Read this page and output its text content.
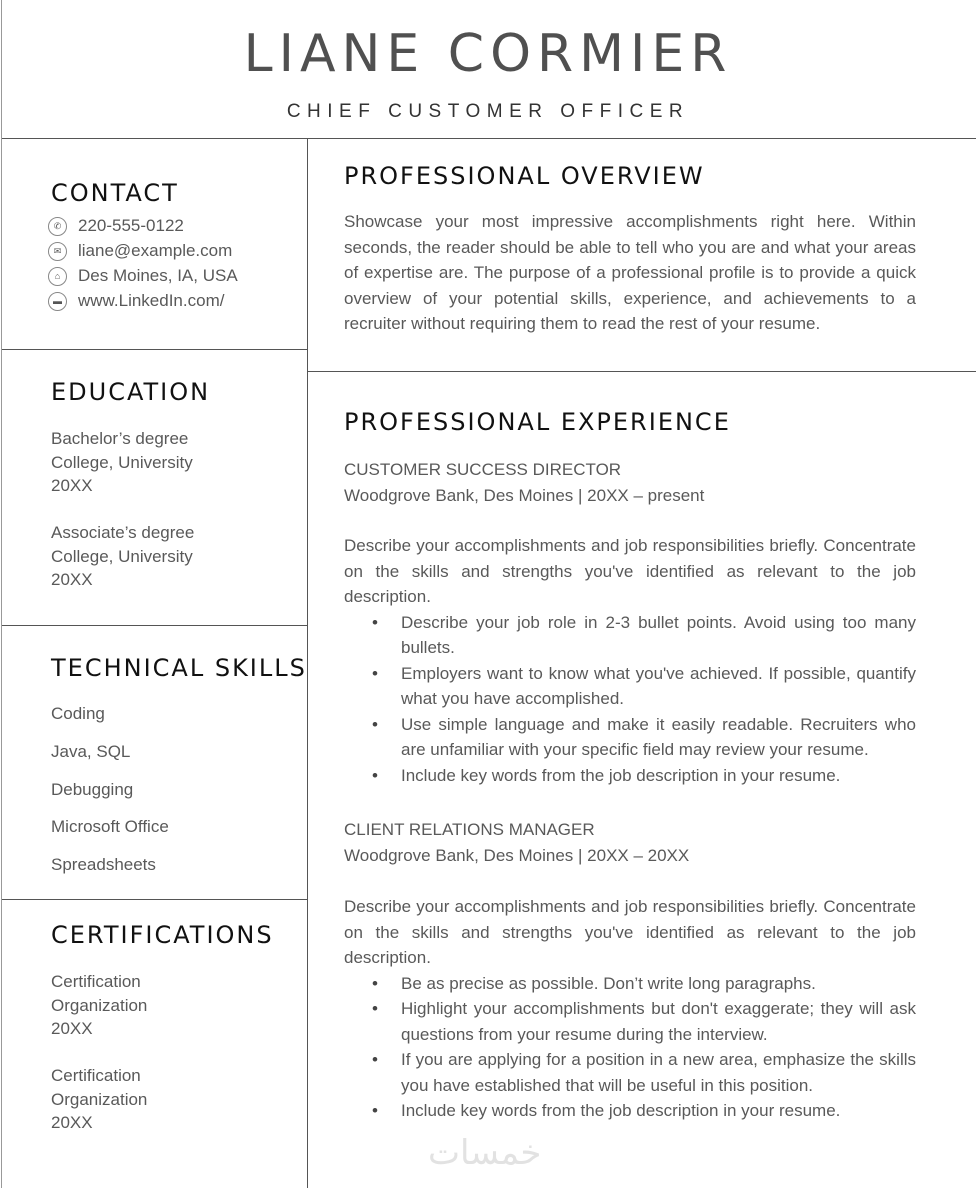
LIANE CORMIER
CHIEF CUSTOMER OFFICER
CONTACT
✆ 220-555-0122
✉ liane@example.com
⌂	Des Moines, IA, USA
▬ www.LinkedIn.com/
EDUCATION
Bachelor’s degree
College, University
20XX
Associate’s degree
College, University
20XX
TECHNICAL SKILLS
Coding
Java, SQL
Debugging
Microsoft Office
Spreadsheets
CERTIFICATIONS
Certification
Organization
20XX
Certification
Organization
20XX
PROFESSIONAL OVERVIEW
Showcase your most impressive accomplishments right here. Within seconds, the reader should be able to tell who you are and what your areas of expertise are. The purpose of a professional profile is to provide a quick overview of your potential skills, experience, and achievements to a recruiter without requiring them to read the rest of your resume.
PROFESSIONAL EXPERIENCE
CUSTOMER SUCCESS DIRECTOR
Woodgrove Bank, Des Moines | 20XX – present
Describe your accomplishments and job responsibilities briefly. Concentrate on the skills and strengths you've identified as relevant to the job description.
• Describe your job role in 2-3 bullet points. Avoid using too many bullets.
• Employers want to know what you've achieved. If possible, quantify what you have accomplished.
• Use simple language and make it easily readable. Recruiters who are unfamiliar with your specific field may review your resume.
• Include key words from the job description in your resume.
CLIENT RELATIONS MANAGER
Woodgrove Bank, Des Moines | 20XX – 20XX
Describe your accomplishments and job responsibilities briefly. Concentrate on the skills and strengths you've identified as relevant to the job description.
• Be as precise as possible. Don’t write long paragraphs.
• Highlight your accomplishments but don't exaggerate; they will ask questions from your resume during the interview.
• If you are applying for a position in a new area, emphasize the skills you have established that will be useful in this position.
• Include key words from the job description in your resume.
خمسات
